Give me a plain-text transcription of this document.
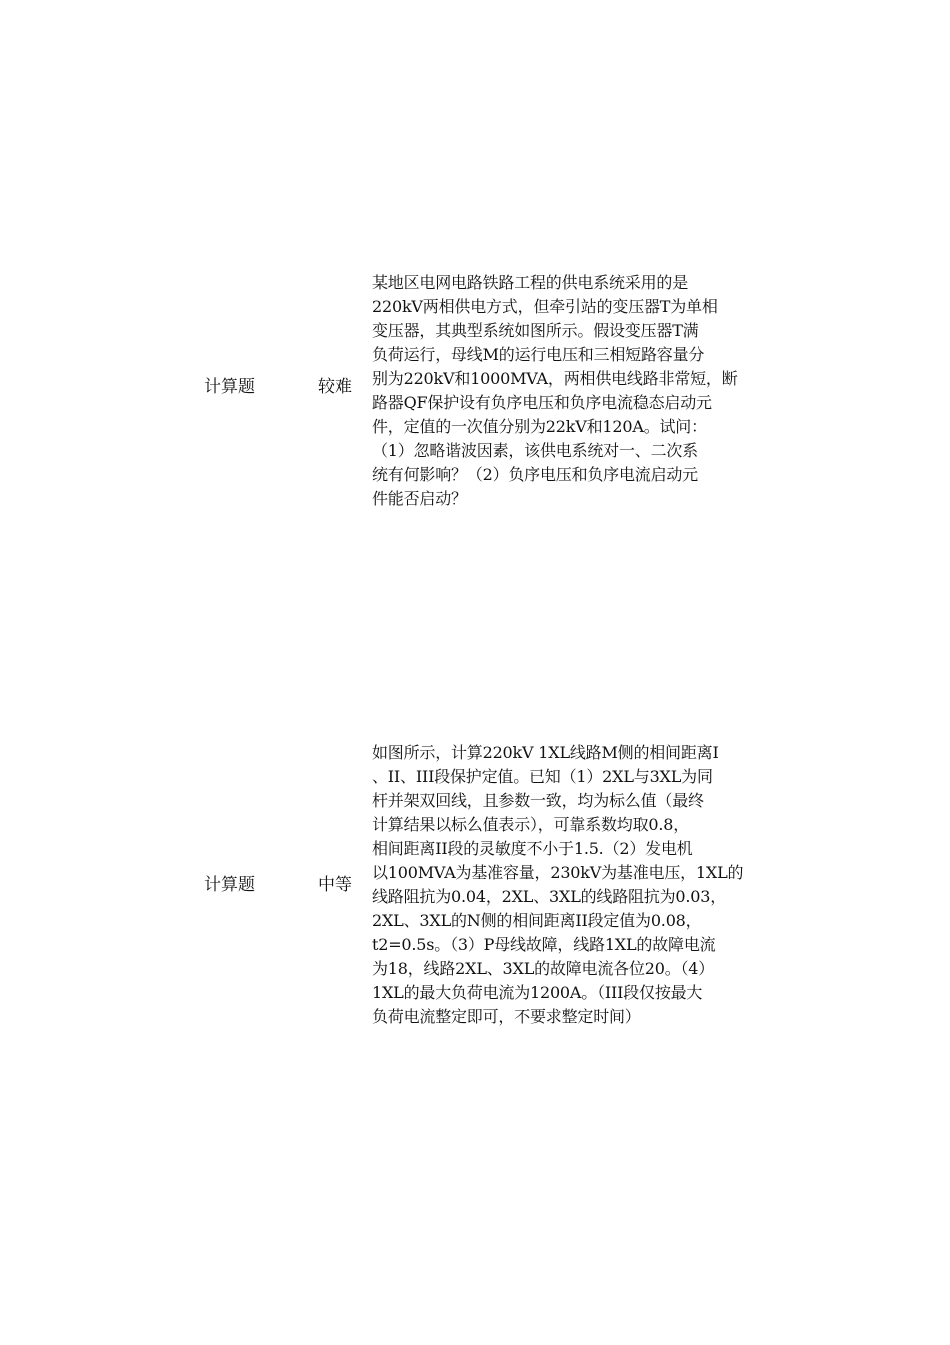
计算题	较难
某地区电网电路铁路工程的供电系统采用的是
220kV两相供电方式，但牵引站的变压器T为单相
变压器，其典型系统如图所示。假设变压器T满
负荷运行，母线M的运行电压和三相短路容量分
别为220kV和1000MVA，两相供电线路非常短，断
路器QF保护设有负序电压和负序电流稳态启动元
件，定值的一次值分别为22kV和120A。试问：
（1）忽略谐波因素，该供电系统对一、二次系
统有何影响？（2）负序电压和负序电流启动元
件能否启动？
计算题	中等
如图所示，计算220kV 1XL线路M侧的相间距离I
、II、III段保护定值。已知（1）2XL与3XL为同
杆并架双回线，且参数一致，均为标么值（最终
计算结果以标么值表示），可靠系数均取0.8，
相间距离II段的灵敏度不小于1.5.（2）发电机
以100MVA为基准容量，230kV为基准电压，1XL的
线路阻抗为0.04，2XL、3XL的线路阻抗为0.03，
2XL、3XL的N侧的相间距离II段定值为0.08，
t2=0.5s。（3）P母线故障，线路1XL的故障电流
为18，线路2XL、3XL的故障电流各位20。（4）
1XL的最大负荷电流为1200A。（III段仅按最大
负荷电流整定即可，不要求整定时间）
